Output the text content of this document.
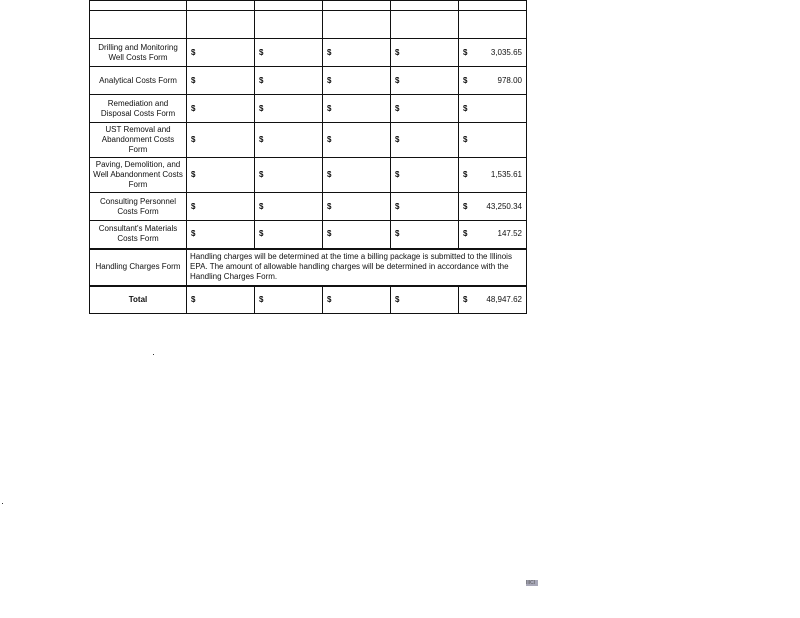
Drilling and Monitoring Well Costs Form	$	$	$	$	$ 3,035.65

Analytical Costs Form	$	$	$	$	$ 978.00

Remediation and Disposal Costs Form	$	$	$	$	$

UST Removal and Abandonment Costs Form	$	$	$	$	$

Paving, Demolition, and Well Abandonment Costs Form	$	$	$	$	$ 1,535.61

Consulting Personnel Costs Form	$	$	$	$	$ 43,250.34

Consultant's Materials Costs Form	$	$	$	$	$ 147.52

Handling Charges Form	Handling charges will be determined at the time a billing package is submitted to the Illinois EPA. The amount of allowable handling charges will be determined in accordance with the Handling Charges Form.				
Total	$	$	$	$	$ 48,947.62
IIICI
